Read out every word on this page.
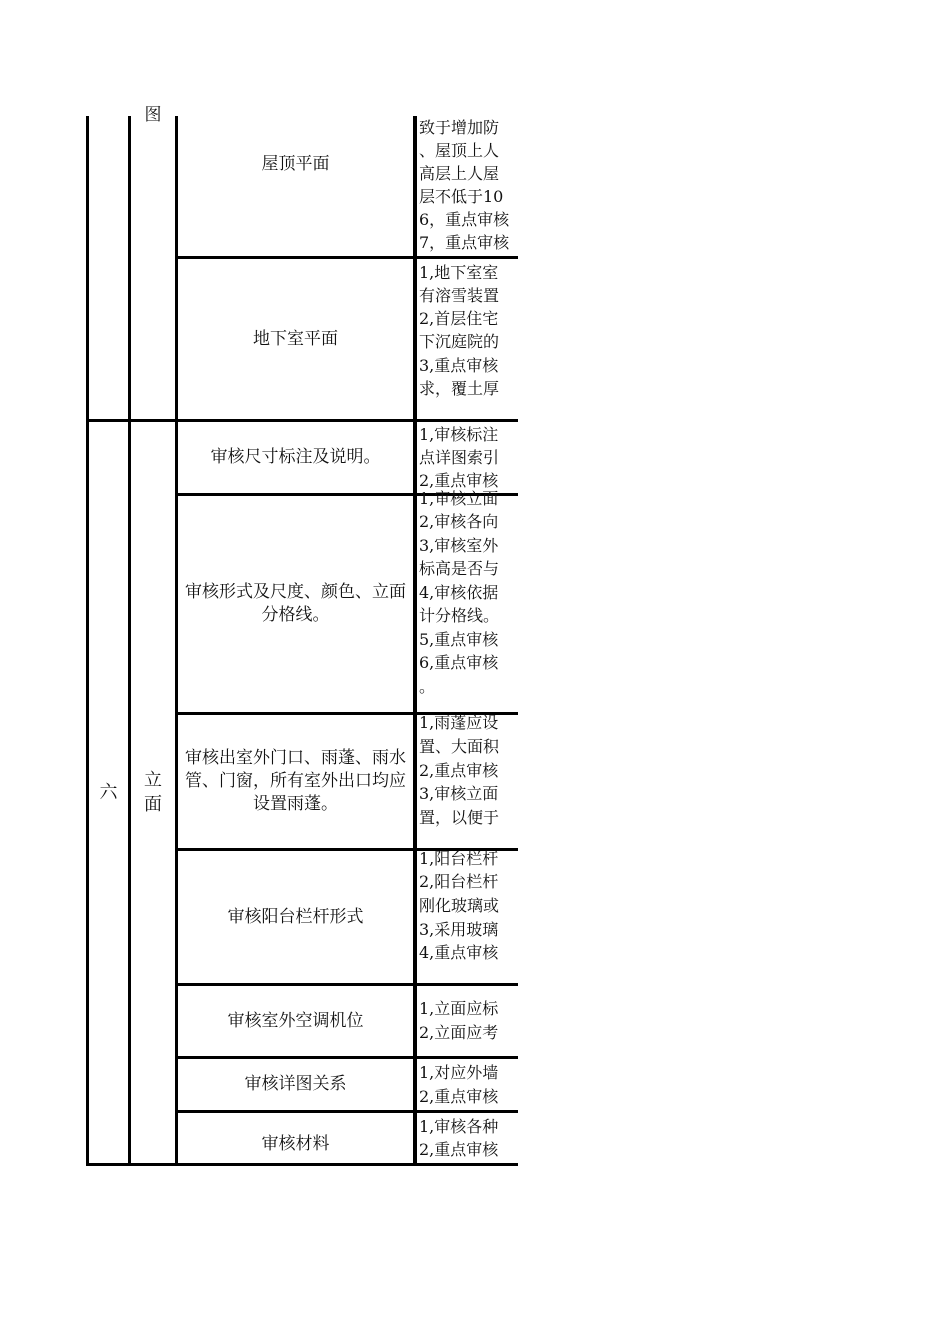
六
图
立
面
屋顶平面
地下室平面
审核尺寸标注及说明。
审核形式及尺度、颜色、立面分格线。
审核出室外门口、雨蓬、雨水管、门窗，所有室外出口均应设置雨蓬。
审核阳台栏杆形式
审核室外空调机位
审核详图关系
审核材料
致于增加防
、屋顶上人
高层上人屋
层不低于10
6，重点审核
7，重点审核
1,地下室室
有溶雪装置
2,首层住宅
下沉庭院的
3,重点审核
求，覆土厚
1,审核标注
点详图索引
2,重点审核
1,审核立面
2,审核各向
3,审核室外
标高是否与
4,审核依据
计分格线。
5,重点审核
6,重点审核
。
1,雨蓬应设
置、大面积
2,重点审核
3,审核立面
置，以便于
1,阳台栏杆
2,阳台栏杆
刚化玻璃或
3,采用玻璃
4,重点审核
1,立面应标
2,立面应考
1,对应外墙
2,重点审核
1,审核各种
2,重点审核
